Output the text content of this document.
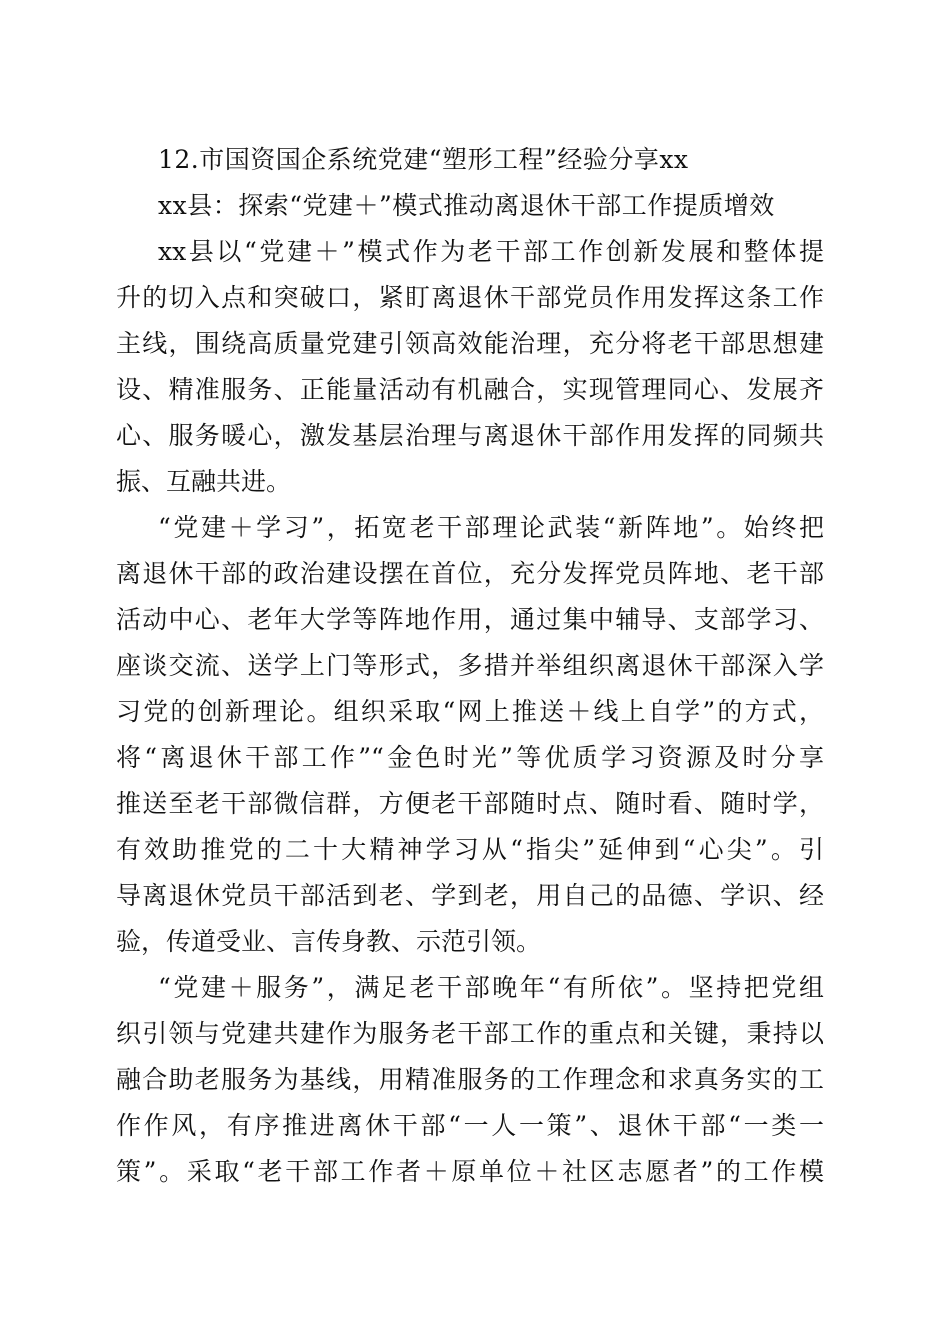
12.市国资国企系统党建“塑形工程”经验分享xx
xx县：探索“党建＋”模式推动离退休干部工作提质增效
xx县以“党建＋”模式作为老干部工作创新发展和整体提
升的切入点和突破口，紧盯离退休干部党员作用发挥这条工作
主线，围绕高质量党建引领高效能治理，充分将老干部思想建
设、精准服务、正能量活动有机融合，实现管理同心、发展齐
心、服务暖心，激发基层治理与离退休干部作用发挥的同频共
振、互融共进。
“党建＋学习”，拓宽老干部理论武装“新阵地”。始终把
离退休干部的政治建设摆在首位，充分发挥党员阵地、老干部
活动中心、老年大学等阵地作用，通过集中辅导、支部学习、
座谈交流、送学上门等形式，多措并举组织离退休干部深入学
习党的创新理论。组织采取“网上推送＋线上自学”的方式，
将“离退休干部工作”“金色时光”等优质学习资源及时分享
推送至老干部微信群，方便老干部随时点、随时看、随时学，
有效助推党的二十大精神学习从“指尖”延伸到“心尖”。引
导离退休党员干部活到老、学到老，用自己的品德、学识、经
验，传道受业、言传身教、示范引领。
“党建＋服务”，满足老干部晚年“有所依”。坚持把党组
织引领与党建共建作为服务老干部工作的重点和关键，秉持以
融合助老服务为基线，用精准服务的工作理念和求真务实的工
作作风，有序推进离休干部“一人一策”、退休干部“一类一
策”。采取“老干部工作者＋原单位＋社区志愿者”的工作模
